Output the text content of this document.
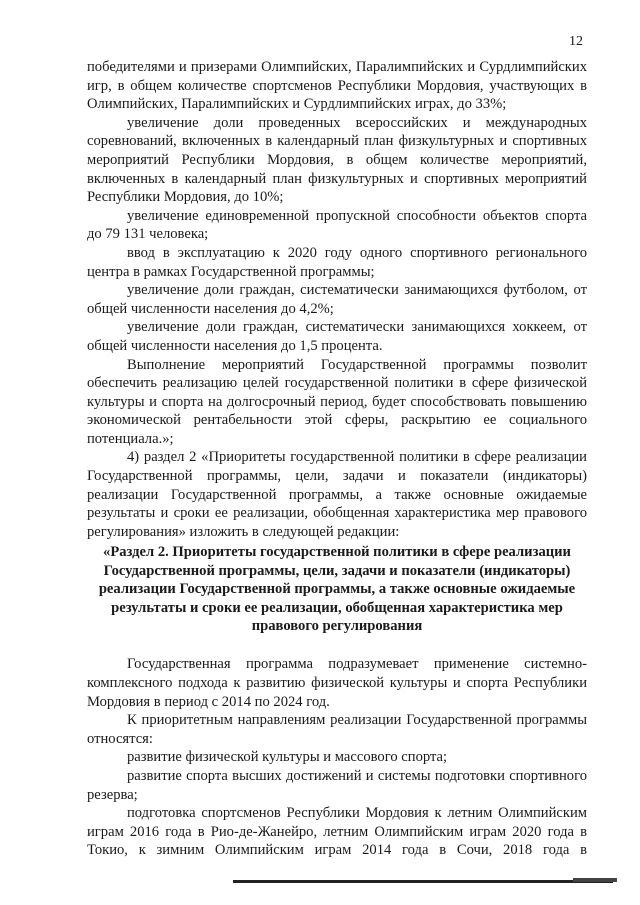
12

победителями и призерами Олимпийских, Паралимпийских и Сурдлимпийских игр, в общем количестве спортсменов Республики Мордовия, участвующих в Олимпийских, Паралимпийских и Сурдлимпийских играх, до 33%;

увеличение доли проведенных всероссийских и международных соревнований, включенных в календарный план физкультурных и спортивных мероприятий Республики Мордовия, в общем количестве мероприятий, включенных в календарный план физкультурных и спортивных мероприятий Республики Мордовия, до 10%;

увеличение единовременной пропускной способности объектов спорта до 79 131 человека;

ввод в эксплуатацию к 2020 году одного спортивного регионального центра в рамках Государственной программы;

увеличение доли граждан, систематически занимающихся футболом, от общей численности населения до 4,2%;

увеличение доли граждан, систематически занимающихся хоккеем, от общей численности населения до 1,5 процента.

Выполнение мероприятий Государственной программы позволит обеспечить реализацию целей государственной политики в сфере физической культуры и спорта на долгосрочный период, будет способствовать повышению экономической рентабельности этой сферы, раскрытию ее социального потенциала.»;

4) раздел 2 «Приоритеты государственной политики в сфере реализации Государственной программы, цели, задачи и показатели (индикаторы) реализации Государственной программы, а также основные ожидаемые результаты и сроки ее реализации, обобщенная характеристика мер правового регулирования» изложить в следующей редакции:

«Раздел 2. Приоритеты государственной политики в сфере реализации Государственной программы, цели, задачи и показатели (индикаторы) реализации Государственной программы, а также основные ожидаемые результаты и сроки ее реализации, обобщенная характеристика мер правового регулирования

Государственная программа подразумевает применение системно-комплексного подхода к развитию физической культуры и спорта Республики Мордовия в период с 2014 по 2024 год.

К приоритетным направлениям реализации Государственной программы относятся:

развитие физической культуры и массового спорта;

развитие спорта высших достижений и системы подготовки спортивного резерва;

подготовка спортсменов Республики Мордовия к летним Олимпийским играм 2016 года в Рио-де-Жанейро, летним Олимпийским играм 2020 года в Токио, к зимним Олимпийским играм 2014 года в Сочи, 2018 года в
